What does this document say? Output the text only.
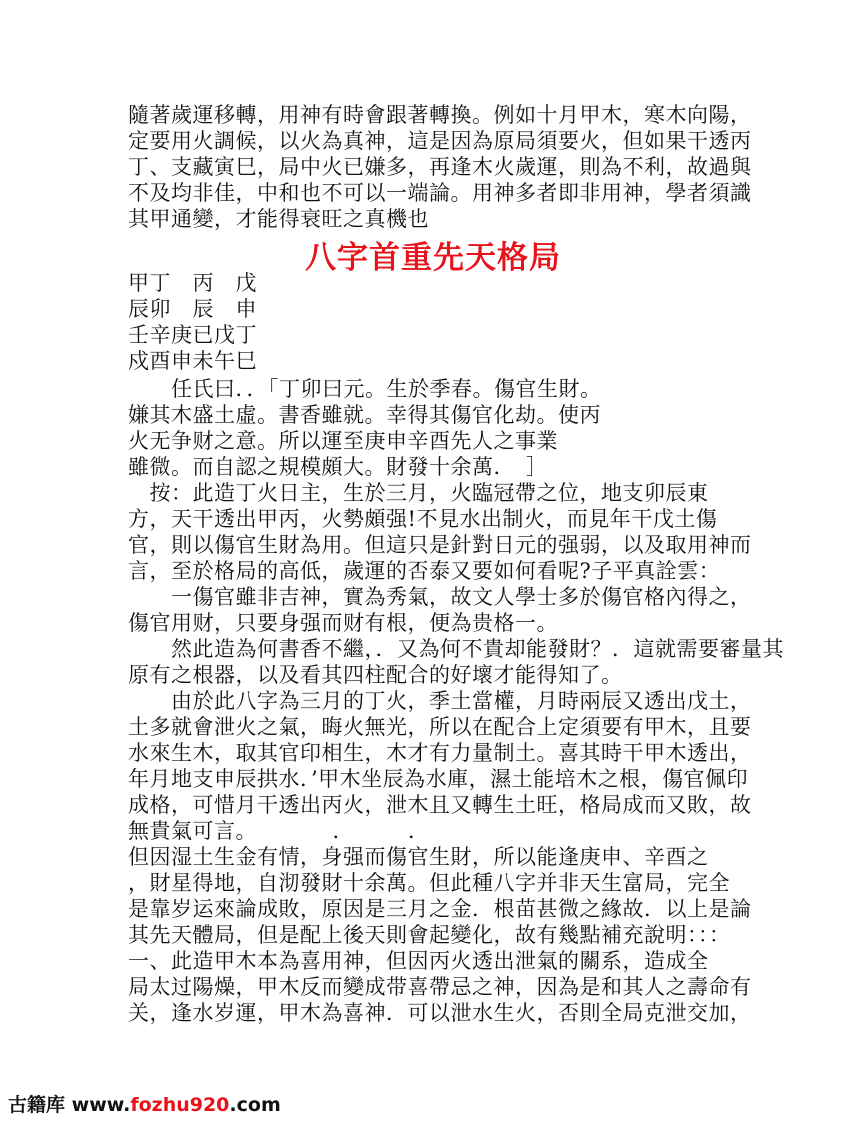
隨著歲運移轉，用神有時會跟著轉換。例如十月甲木，寒木向陽，
定要用火調候，以火為真神，這是因為原局須要火，但如果干透丙
丁、支藏寅巳，局中火已嫌多，再逢木火歲運，則為不利，故過與
不及均非佳，中和也不可以一端論。用神多者即非用神，學者須識
其甲通變，才能得衰旺之真機也
八字首重先天格局
甲丁　丙　戊
辰卯　辰　申
壬辛庚已戊丁
戍酉申未午巳
　　任氏曰．．「丁卯曰元。生於季春。傷官生財。
嫌其木盛土虛。書香雖就。幸得其傷官化劫。使丙
火无争财之意。所以運至庚申辛酉先人之事業
雖微。而自認之規模頗大。財發十余萬．　］
　按：此造丁火日主，生於三月，火臨冠帶之位，地支卯辰東
方，天干透出甲丙，火勢頗强!不見水出制火，而見年干戊土傷
官，則以傷官生財為用。但這只是針對日元的强弱，以及取用神而
言，至於格局的高低，歲運的否泰又要如何看呢?子平真詮雲：
　　一傷官雖非吉神，實為秀氣，故文人學士多於傷官格內得之，
傷官用财，只要身强而财有根，便為贵格一。
　　然此造為何書香不繼，．又為何不貴却能發財？．這就需要審量其
原有之根器，以及看其四柱配合的好壞才能得知了。
　　由於此八字為三月的丁火，季土當權，月時兩辰又透出戊土，
土多就會泄火之氣，晦火無光，所以在配合上定須要有甲木，且要
水來生木，取其官印相生，木才有力量制土。喜其時干甲木透出，
年月地支申辰拱水．’甲木坐辰為水庫，濕土能培木之根，傷官佩印
成格，可惜月干透出丙火，泄木且又轉生土旺，格局成而又敗，故
無貴氣可言。　　　　．　　　．
但因湿土生金有情，身强而傷官生財，所以能逢庚申、辛酉之
，財星得地，自沏發財十余萬。但此種八字并非天生富局，完全
是靠岁运來論成敗，原因是三月之金．根苗甚微之緣故．以上是論
其先天體局，但是配上後天則會起變化，故有幾點補充說明：：：
一、此造甲木本為喜用神，但因丙火透出泄氣的關系，造成全
局太过陽燥，甲木反而變成带喜帶忌之神，因為是和其人之壽命有
关，逢水岁運，甲木為喜神．可以泄水生火，否則全局克泄交加，
古籍库 www.fozhu920.com
